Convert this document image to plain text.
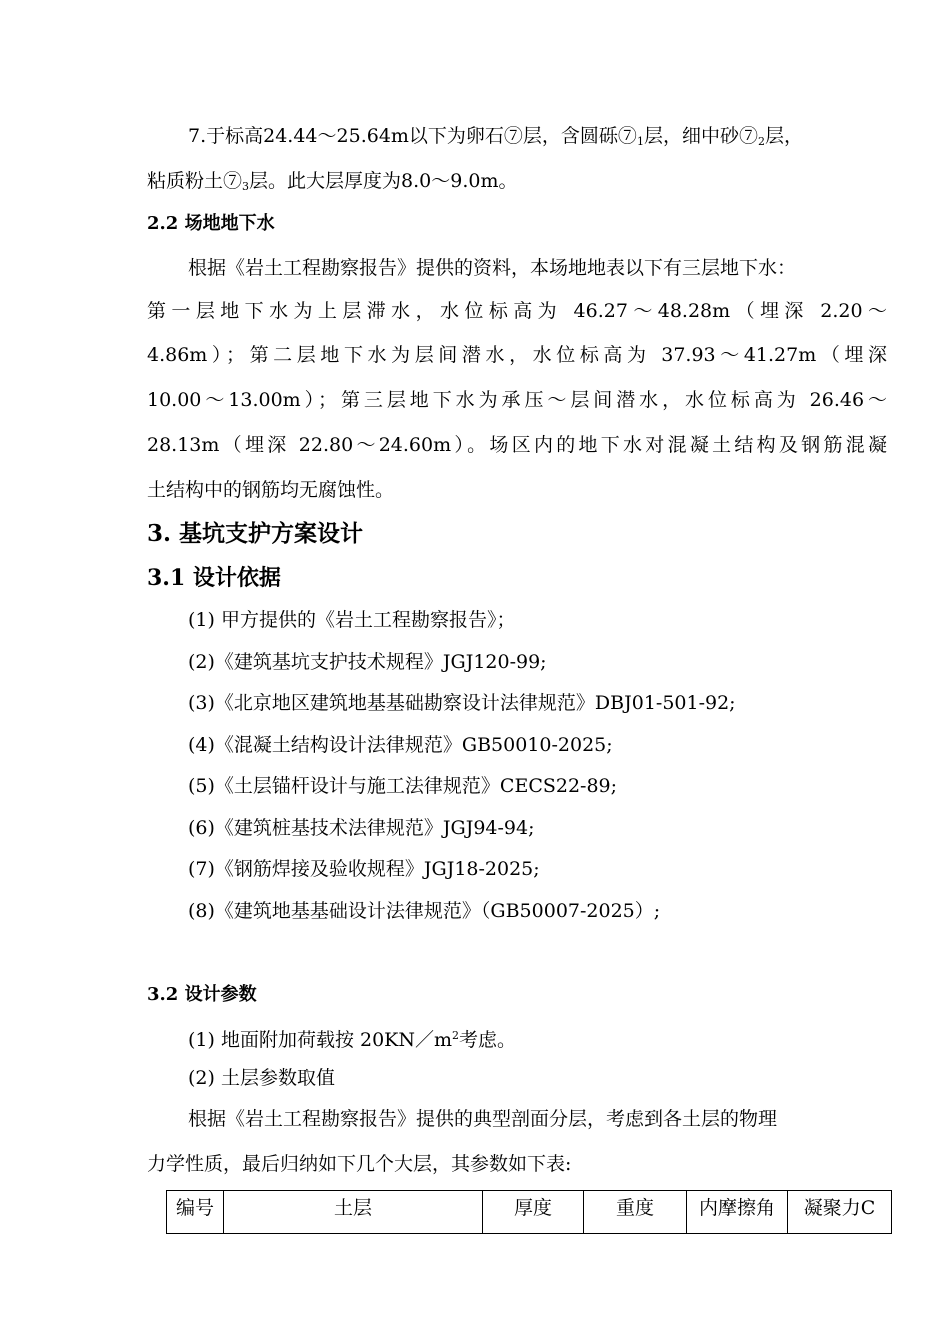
7.于标高24.44～25.64m以下为卵石⑦层，含圆砾$⑦_1$层，细中砂$⑦_2$层，
粘质粉土$⑦_3$层。此大层厚度为8.0～9.0m。
2.2 场地地下水
根据《岩土工程勘察报告》提供的资料，本场地地表以下有三层地下水：
第一层地下水为上层滞水，水位标高为 46.27～48.28m（埋深 2.20～
4.86m）；第二层地下水为层间潜水，水位标高为 37.93～41.27m（埋深
10.00～13.00m）；第三层地下水为承压～层间潜水，水位标高为 26.46～
28.13m（埋深 22.80～24.60m）。场区内的地下水对混凝土结构及钢筋混凝
土结构中的钢筋均无腐蚀性。
3. 基坑支护方案设计
3.1 设计依据
(1) 甲方提供的《岩土工程勘察报告》；
(2)《建筑基坑支护技术规程》JGJ120-99;
(3)《北京地区建筑地基基础勘察设计法律规范》DBJ01-501-92;
(4)《混凝土结构设计法律规范》GB50010-2025;
(5)《土层锚杆设计与施工法律规范》CECS22-89;
(6)《建筑桩基技术法律规范》JGJ94-94;
(7)《钢筋焊接及验收规程》JGJ18-2025;
(8)《建筑地基基础设计法律规范》（GB50007-2025）;
3.2 设计参数
(1) 地面附加荷载按 $20KN/m^2$考虑。
(2) 土层参数取值
根据《岩土工程勘察报告》提供的典型剖面分层，考虑到各土层的物理
力学性质，最后归纳如下几个大层，其参数如下表:
编号	土层	厚度	重度	内摩擦角	凝聚力C
